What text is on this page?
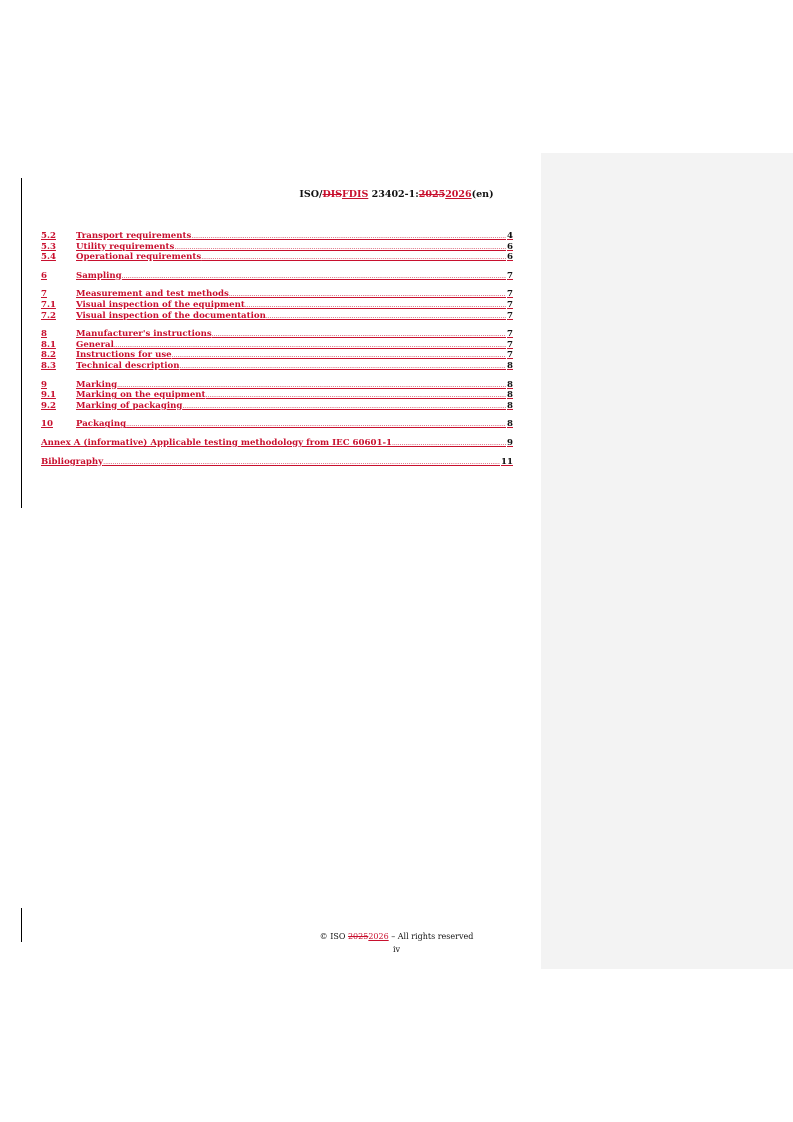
ISO/DISFDIS 23402-1:20252026(en)
5.2	Transport requirements .....	4
5.3	Utility requirements .....	6
5.4	Operational requirements .....	6
6	Sampling .....	7
7	Measurement and test methods .....	7
7.1	Visual inspection of the equipment .....	7
7.2	Visual inspection of the documentation .....	7
8	Manufacturer's instructions .....	7
8.1	General .....	7
8.2	Instructions for use .....	7
8.3	Technical description .....	8
9	Marking .....	8
9.1	Marking on the equipment .....	8
9.2	Marking of packaging .....	8
10	Packaging .....	8
Annex A (informative) Applicable testing methodology from IEC 60601-1 .....	9
Bibliography .....	11
© ISO 20252026 – All rights reserved
iv
